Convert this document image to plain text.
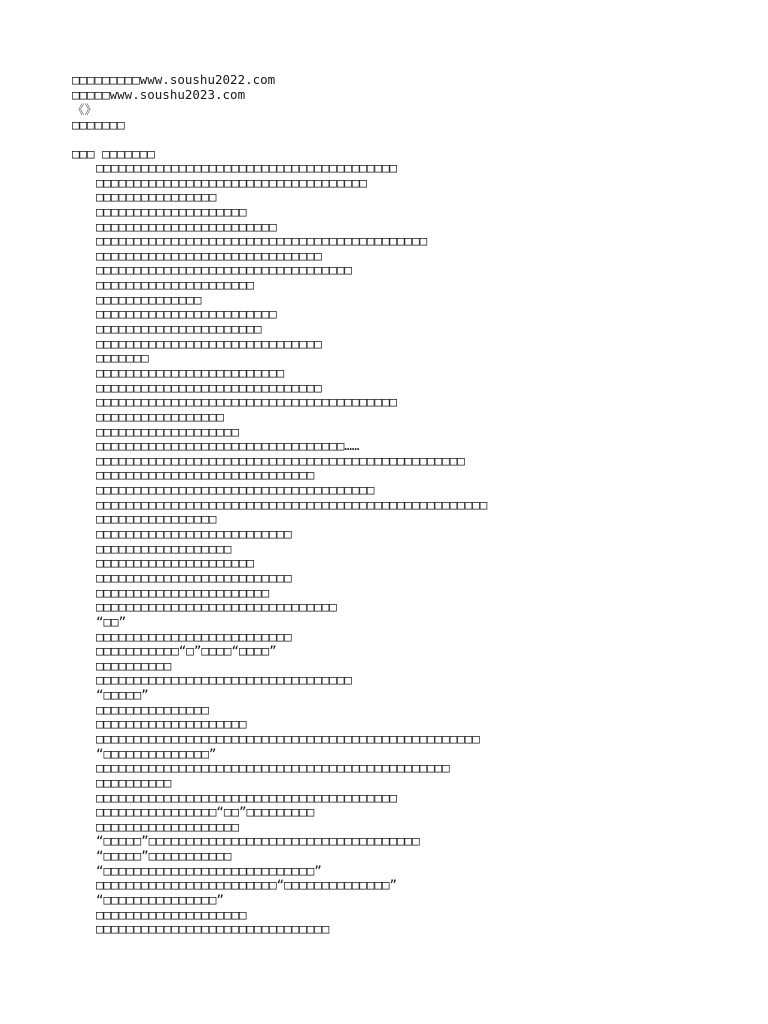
□□□□□□□□□www.soushu2022.com
□□□□□www.soushu2023.com
《》
□□□□□□□
□□□ □□□□□□□
□□□□□□□□□□□□□□□□□□□□□□□□□□□□□□□□□□□□□□□□
□□□□□□□□□□□□□□□□□□□□□□□□□□□□□□□□□□□□
□□□□□□□□□□□□□□□□
□□□□□□□□□□□□□□□□□□□□
□□□□□□□□□□□□□□□□□□□□□□□□
□□□□□□□□□□□□□□□□□□□□□□□□□□□□□□□□□□□□□□□□□□□□
□□□□□□□□□□□□□□□□□□□□□□□□□□□□□□
□□□□□□□□□□□□□□□□□□□□□□□□□□□□□□□□□□
□□□□□□□□□□□□□□□□□□□□□
□□□□□□□□□□□□□□
□□□□□□□□□□□□□□□□□□□□□□□□
□□□□□□□□□□□□□□□□□□□□□□
□□□□□□□□□□□□□□□□□□□□□□□□□□□□□□
□□□□□□□
□□□□□□□□□□□□□□□□□□□□□□□□□
□□□□□□□□□□□□□□□□□□□□□□□□□□□□□□
□□□□□□□□□□□□□□□□□□□□□□□□□□□□□□□□□□□□□□□□
□□□□□□□□□□□□□□□□□
□□□□□□□□□□□□□□□□□□□
□□□□□□□□□□□□□□□□□□□□□□□□□□□□□□□□□……
□□□□□□□□□□□□□□□□□□□□□□□□□□□□□□□□□□□□□□□□□□□□□□□□□
□□□□□□□□□□□□□□□□□□□□□□□□□□□□□
□□□□□□□□□□□□□□□□□□□□□□□□□□□□□□□□□□□□□
□□□□□□□□□□□□□□□□□□□□□□□□□□□□□□□□□□□□□□□□□□□□□□□□□□□□
□□□□□□□□□□□□□□□□
□□□□□□□□□□□□□□□□□□□□□□□□□□
□□□□□□□□□□□□□□□□□□
□□□□□□□□□□□□□□□□□□□□□
□□□□□□□□□□□□□□□□□□□□□□□□□□
□□□□□□□□□□□□□□□□□□□□□□□
□□□□□□□□□□□□□□□□□□□□□□□□□□□□□□□□
“□□”
□□□□□□□□□□□□□□□□□□□□□□□□□□
□□□□□□□□□□□“□”□□□□“□□□□”
□□□□□□□□□□
□□□□□□□□□□□□□□□□□□□□□□□□□□□□□□□□□□
“□□□□□”
□□□□□□□□□□□□□□□
□□□□□□□□□□□□□□□□□□□□
□□□□□□□□□□□□□□□□□□□□□□□□□□□□□□□□□□□□□□□□□□□□□□□□□□□
“□□□□□□□□□□□□□□”
□□□□□□□□□□□□□□□□□□□□□□□□□□□□□□□□□□□□□□□□□□□□□□□
□□□□□□□□□□
□□□□□□□□□□□□□□□□□□□□□□□□□□□□□□□□□□□□□□□□
□□□□□□□□□□□□□□□□“□□”□□□□□□□□□
□□□□□□□□□□□□□□□□□□□
“□□□□□”□□□□□□□□□□□□□□□□□□□□□□□□□□□□□□□□□□□□
“□□□□□”□□□□□□□□□□□
“□□□□□□□□□□□□□□□□□□□□□□□□□□□□”
□□□□□□□□□□□□□□□□□□□□□□□□“□□□□□□□□□□□□□□”
“□□□□□□□□□□□□□□□”
□□□□□□□□□□□□□□□□□□□□
□□□□□□□□□□□□□□□□□□□□□□□□□□□□□□□
